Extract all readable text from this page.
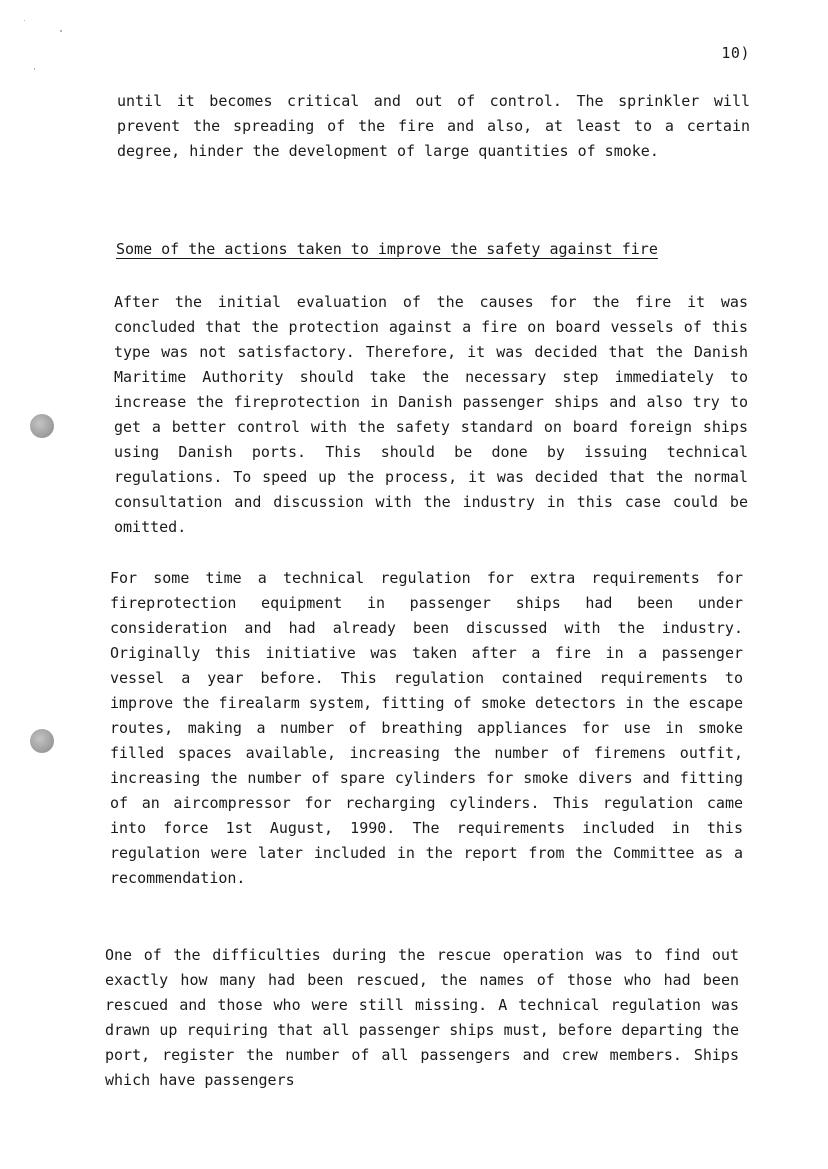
10)

until it becomes critical and out of control. The sprinkler will prevent the spreading of the fire and also, at least to a certain degree, hinder the development of large quantities of smoke.

Some of the actions taken to improve the safety against fire

After the initial evaluation of the causes for the fire it was concluded that the protection against a fire on board vessels of this type was not satisfactory. Therefore, it was decided that the Danish Maritime Authority should take the necessary step immediately to increase the fireprotection in Danish passenger ships and also try to get a better control with the safety standard on board foreign ships using Danish ports. This should be done by issuing technical regulations. To speed up the process, it was decided that the normal consultation and discussion with the industry in this case could be omitted.

For some time a technical regulation for extra requirements for fireprotection equipment in passenger ships had been under consideration and had already been discussed with the industry. Originally this initiative was taken after a fire in a passenger vessel a year before. This regulation contained requirements to improve the firealarm system, fitting of smoke detectors in the escape routes, making a number of breathing appliances for use in smoke filled spaces available, increasing the number of firemens outfit, increasing the number of spare cylinders for smoke divers and fitting of an aircompressor for recharging cylinders. This regulation came into force 1st August, 1990. The requirements included in this regulation were later included in the report from the Committee as a recommendation.

One of the difficulties during the rescue operation was to find out exactly how many had been rescued, the names of those who had been rescued and those who were still missing. A technical regulation was drawn up requiring that all passenger ships must, before departing the port, register the number of all passengers and crew members. Ships which have passengers
